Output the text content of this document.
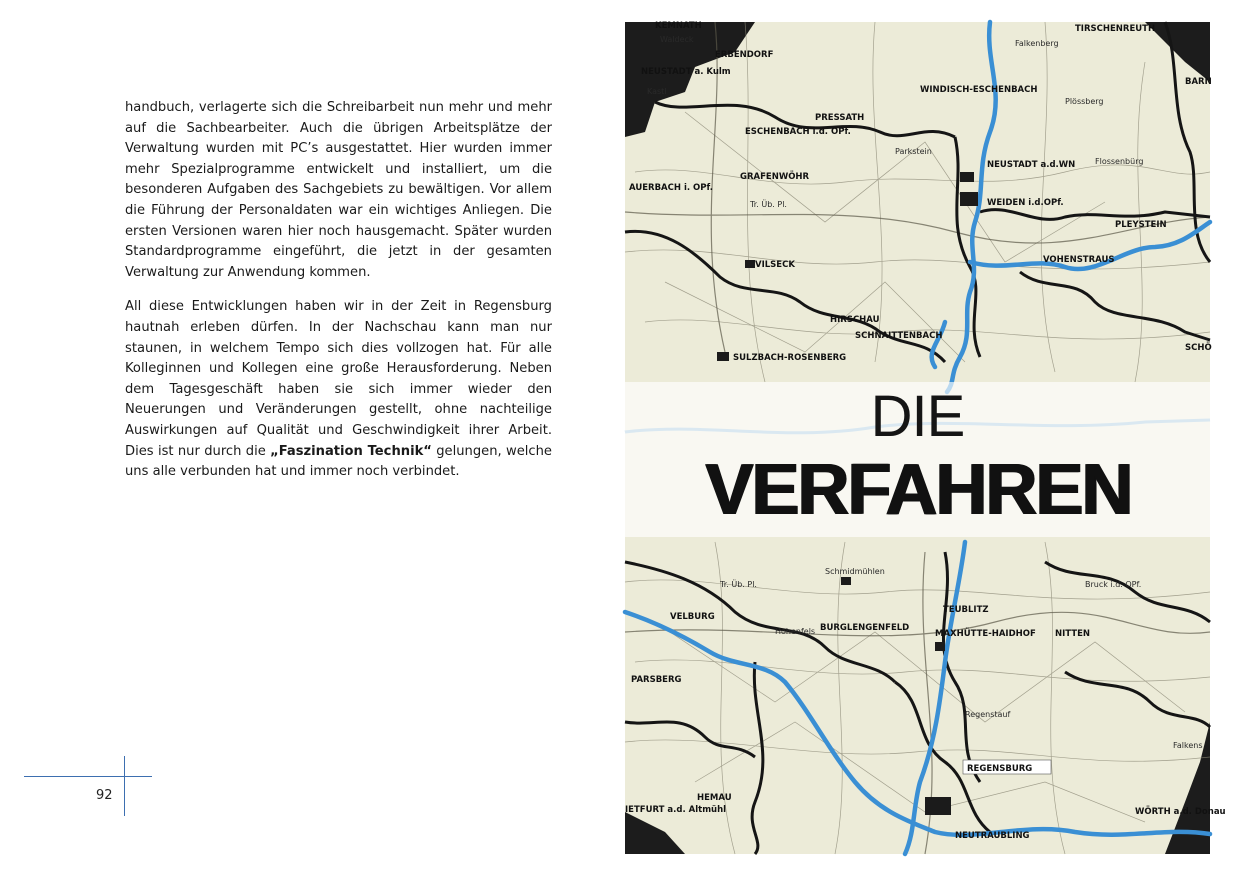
handbuch, verlagerte sich die Schreibarbeit nun mehr und mehr auf die Sachbearbeiter. Auch die übrigen Arbeitsplätze der Verwaltung wurden mit PC’s ausgestattet. Hier wurden immer mehr Spezialprogramme entwickelt und installiert, um die besonderen Aufgaben des Sachgebiets zu bewältigen. Vor allem die Führung der Personaldaten war ein wichtiges Anliegen. Die ersten Versionen waren hier noch hausgemacht. Später wurden Standardprogramme eingeführt, die jetzt in der gesamten Verwaltung zur Anwendung kommen.

All diese Entwicklungen haben wir in der Zeit in Regensburg hautnah erleben dürfen. In der Nachschau kann man nur staunen, in welchem Tempo sich dies vollzogen hat. Für alle Kolleginnen und Kollegen eine große Herausforderung. Neben dem Tagesgeschäft haben sie sich immer wieder den Neuerungen und Veränderungen gestellt, ohne nachteilige Auswirkungen auf Qualität und Geschwindigkeit ihrer Arbeit. Dies ist nur durch die „Faszination Technik“ gelungen, welche uns alle verbunden hat und immer noch verbindet.

92
KEMNATH
Waldeck
ERBENDORF
TIRSCHENREUTH
Falkenberg
NEUSTADT a. Kulm
Kastl	WINDISCH-ESCHENBACH
BARN
PRESSATH
ESCHENBACH i.d. OPf.
Plössberg
Parkstein
NEUSTADT a.d.WN Flossenbürg
GRAFENWÖHR
AUERBACH i. OPf.
WEIDEN i.d.OPf.
Tr. Üb. Pl.
PLEYSTEIN
VILSECK	VOHENSTRAUS
HIRSCHAU
SCHNAITTENBACH
SULZBACH-ROSENBERG
SCHÖ
VELBURG
Schmidmühlen
Tr. Üb. Pl.
BURGLENGENFELD
TEUBLITZ
MAXHÜTTE-HAIDHOF NITTEN
Bruck i.d. OPf.
Hohenfels
PARSBERG
Regenstauf
HEMAU
IETFURT a.d. Altmühl
REGENSBURG
WÖRTH a.d. Donau
NEUTRAUBLING
Falkens
DIE
VERFAHREN
